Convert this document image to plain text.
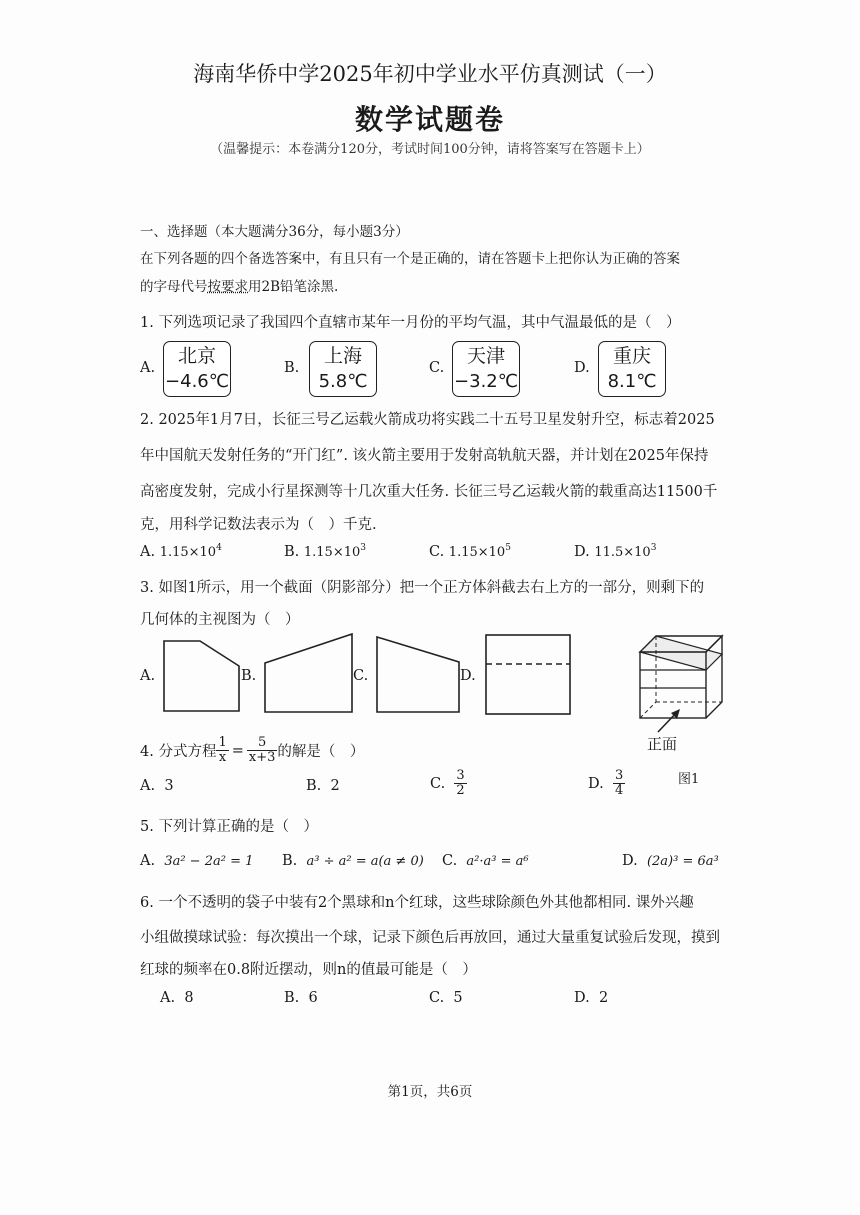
海南华侨中学2025年初中学业水平仿真测试（一）
数学试题卷
（温馨提示：本卷满分120分，考试时间100分钟，请将答案写在答题卡上）
一、选择题（本大题满分36分，每小题3分）
在下列各题的四个备选答案中，有且只有一个是正确的，请在答题卡上把你认为正确的答案
的字母代号按要求用2B铅笔涂黑.
1. 下列选项记录了我国四个直辖市某年一月份的平均气温，其中气温最低的是（　）
A.
北京
−4.6℃
B.
上海
5.8℃
C.
天津
−3.2℃
D.
重庆
8.1℃
2. 2025年1月7日，长征三号乙运载火箭成功将实践二十五号卫星发射升空，标志着2025
年中国航天发射任务的“开门红”. 该火箭主要用于发射高轨航天器，并计划在2025年保持
高密度发射，完成小行星探测等十几次重大任务. 长征三号乙运载火箭的载重高达11500千
克，用科学记数法表示为（　）千克.
A. $1.15\times 10^4$	B. $1.15\times 10^3$	C. $1.15\times 10^5$	D. $11.5\times 10^3$
3. 如图1所示，用一个截面（阴影部分）把一个正方体斜截去右上方的一部分，则剩下的
几何体的主视图为（　）
A.	B.	C.	D.
正面
图1
4. 分式方程 $\frac{1}{x} = \frac{5}{x+3}$ 的解是（　）
A. 3	B. 2	C.
$\frac{3}{2}$	D.
$\frac{3}{4}$
5. 下列计算正确的是（　）
A. 3a² − 2a² = 1 B. a³ ÷ a² = a(a ≠ 0) C. a²·a³ = a⁶	D. (2a)³ = 6a³
6. 一个不透明的袋子中装有2个黑球和n个红球，这些球除颜色外其他都相同. 课外兴趣
小组做摸球试验：每次摸出一个球，记录下颜色后再放回，通过大量重复试验后发现，摸到
红球的频率在0.8附近摆动，则n的值最可能是（　）
A. 8	B. 6	C. 5	D. 2
第1页，共6页
